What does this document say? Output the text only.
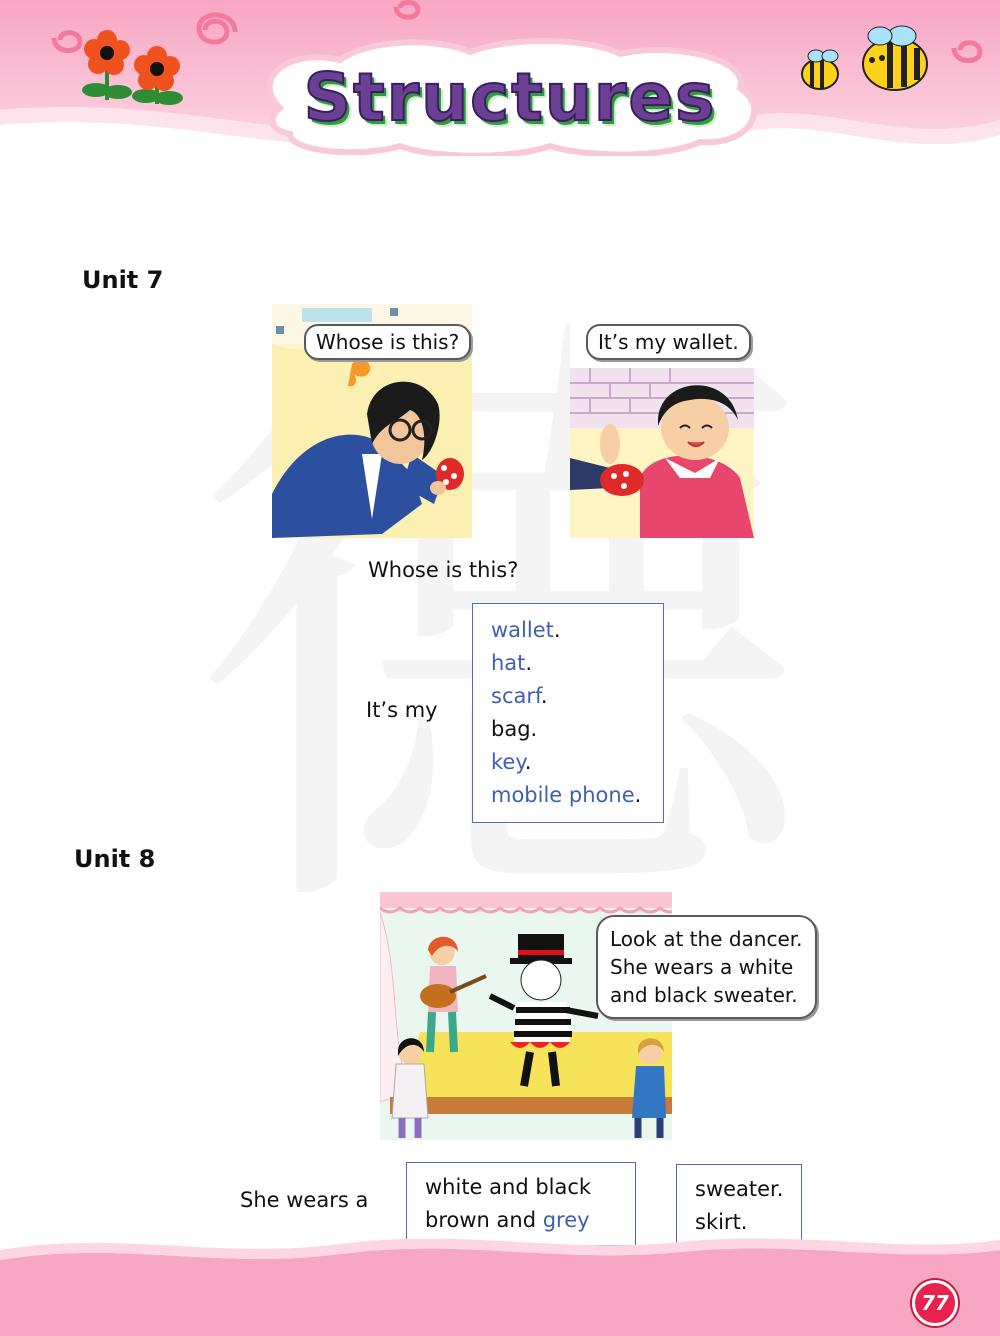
Structures
Unit 7
Whose is this?	It’s my wallet.
Whose is this?
It’s my
wallet.
hat.
scarf.
bag.
key.
mobile phone.
Unit 8
Look at the dancer.
She wears a white
and black sweater.
She wears a
white and black
brown and grey
sweater.
skirt.
77
